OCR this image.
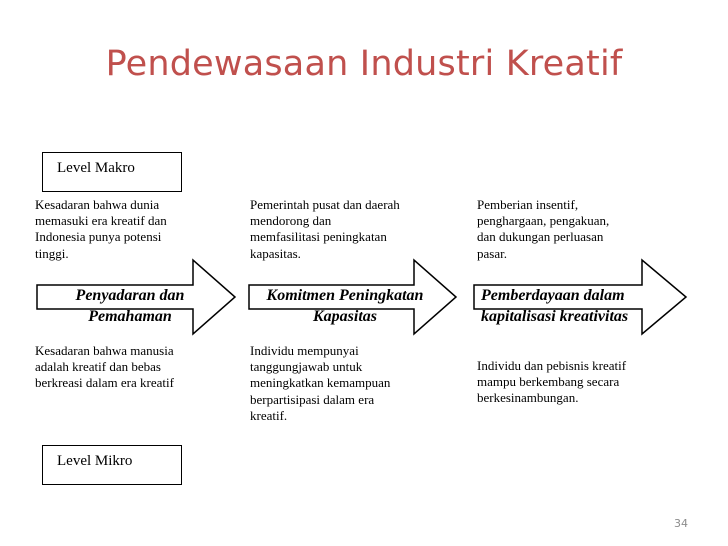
Pendewasaan Industri Kreatif
Level Makro
Kesadaran bahwa dunia
memasuki era kreatif dan
Indonesia punya potensi
tinggi.
Pemerintah pusat dan daerah
mendorong dan
memfasilitasi peningkatan
kapasitas.
Pemberian insentif,
penghargaan, pengakuan,
dan dukungan perluasan
pasar.
Penyadaran dan
Pemahaman
Komitmen Peningkatan
Kapasitas
Pemberdayaan dalam
kapitalisasi kreativitas
Kesadaran bahwa manusia
adalah kreatif dan bebas
berkreasi dalam era kreatif
Individu mempunyai
tanggungjawab untuk
meningkatkan kemampuan
berpartisipasi dalam era
kreatif.
Individu dan pebisnis kreatif
mampu berkembang secara
berkesinambungan.
Level Mikro
34
